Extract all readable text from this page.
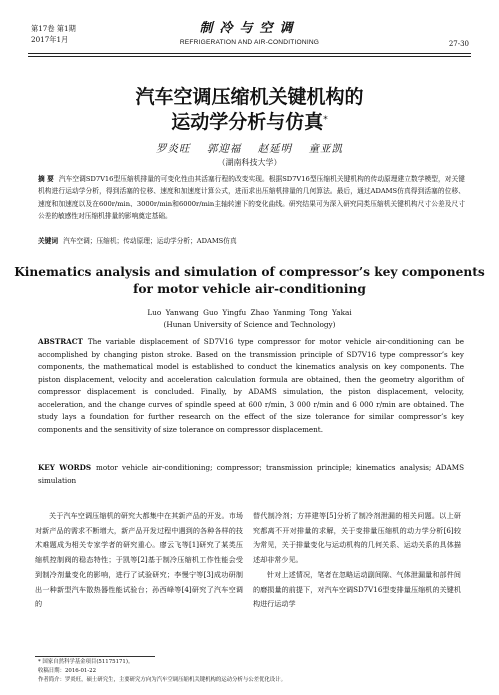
第17卷 第1期
2017年1月
制冷与空调
REFRIGERATION AND AIR-CONDITIONING	27-30
汽车空调压缩机关键机构的
运动学分析与仿真*
罗炎旺 郭迎福 赵延明 童亚凯
（湖南科技大学）
摘 要 汽车空调SD7V16型压缩机排量的可变化性由其活塞行程的改变实现。根据SD7V16型压缩机关键机构的传动原理建立数学模型，对关键机构进行运动学分析，得到活塞的位移、速度和加速度计算公式，进而求出压缩机排量的几何算法。最后，通过ADAMS仿真得到活塞的位移、速度和加速度以及在600r/min、3000r/min和6000r/min主轴转速下的变化曲线。研究结果可为深入研究同类压缩机关键机构尺寸公差及尺寸公差的敏感性对压缩机排量的影响奠定基础。
关键词 汽车空调；压缩机；传动原理；运动学分析；ADAMS仿真
Kinematics analysis and simulation of compressor’s key components
for motor vehicle air-conditioning
Luo Yanwang Guo Yingfu Zhao Yanming Tong Yakai
(Hunan University of Science and Technology)
ABSTRACT The variable displacement of SD7V16 type compressor for motor vehicle air-conditioning can be accomplished by changing piston stroke. Based on the transmission principle of SD7V16 type compressor’s key components, the mathematical model is established to conduct the kinematics analysis on key components. The piston displacement, velocity and acceleration calculation formula are obtained, then the geometry algorithm of compressor displacement is concluded. Finally, by ADAMS simulation, the piston displacement, velocity, acceleration, and the change curves of spindle speed at 600 r/min, 3 000 r/min and 6 000 r/min are obtained. The study lays a foundation for further research on the effect of the size tolerance for similar compressor’s key components and the sensitivity of size tolerance on compressor displacement.
KEY WORDS motor vehicle air-conditioning; compressor; transmission principle; kinematics analysis; ADAMS simulation

关于汽车空调压缩机的研究大都集中在其新产品的开发。市场对新产品的需求不断增大，新产品开发过程中遇到的各种各样的技术难题成为相关专家学者的研究重心。廖云飞等[1]研究了某类压缩机控制阀的稳态特性；于凯等[2]基于制冷压缩机工作性能会受到制冷剂量变化的影响，进行了试验研究；李慢宁等[3]成功研制出一种新型汽车散热器性能试验台；孙西峰等[4]研究了汽车空调的

替代制冷剂；方祥建等[5]分析了制冷剂泄漏的相关问题。以上研究都离不开对排量的求解，关于变排量压缩机的动力学分析[6]较为常见，关于排量变化与运动机构的几何关系、运动关系的具体描述却非常少见。

针对上述情况，笔者在忽略运动副间隙、气体泄漏量和部件间的磨损量的前提下，对汽车空调SD7V16型变排量压缩机的关键机构进行运动学

* 国家自然科学基金项目(51175171)。
收稿日期：2016-01-22
作者简介：罗炎旺，硕士研究生，主要研究方向为汽车空调压缩机关键机构的运动分析与公差优化设计。
